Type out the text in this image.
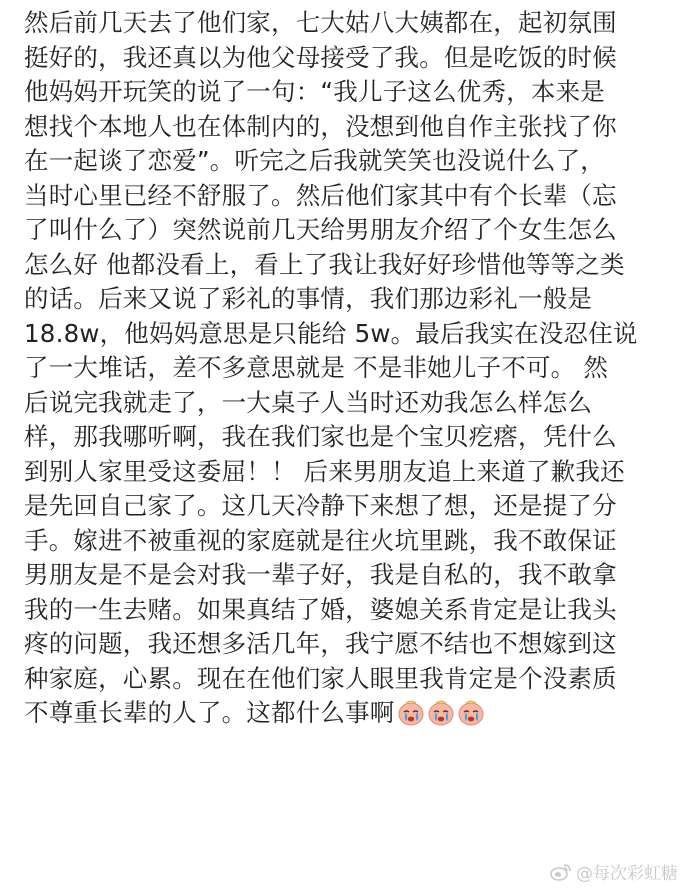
然后前几天去了他们家，七大姑八大姨都在，起初氛围
挺好的，我还真以为他父母接受了我。但是吃饭的时候
他妈妈开玩笑的说了一句：“我儿子这么优秀，本来是
想找个本地人也在体制内的，没想到他自作主张找了你
在一起谈了恋爱”。听完之后我就笑笑也没说什么了，
当时心里已经不舒服了。然后他们家其中有个长辈（忘
了叫什么了）突然说前几天给男朋友介绍了个女生怎么
怎么好 他都没看上，看上了我让我好好珍惜他等等之类
的话。后来又说了彩礼的事情，我们那边彩礼一般是
18.8w，他妈妈意思是只能给 5w。最后我实在没忍住说
了一大堆话，差不多意思就是 不是非她儿子不可。 然
后说完我就走了，一大桌子人当时还劝我怎么样怎么
样，那我哪听啊，我在我们家也是个宝贝疙瘩，凭什么
到别人家里受这委屈！！ 后来男朋友追上来道了歉我还
是先回自己家了。这几天冷静下来想了想，还是提了分
手。嫁进不被重视的家庭就是往火坑里跳，我不敢保证
男朋友是不是会对我一辈子好，我是自私的，我不敢拿
我的一生去赌。如果真结了婚，婆媳关系肯定是让我头
疼的问题，我还想多活几年，我宁愿不结也不想嫁到这
种家庭，心累。现在在他们家人眼里我肯定是个没素质
不尊重长辈的人了。这都什么事啊
@每次彩虹糖
